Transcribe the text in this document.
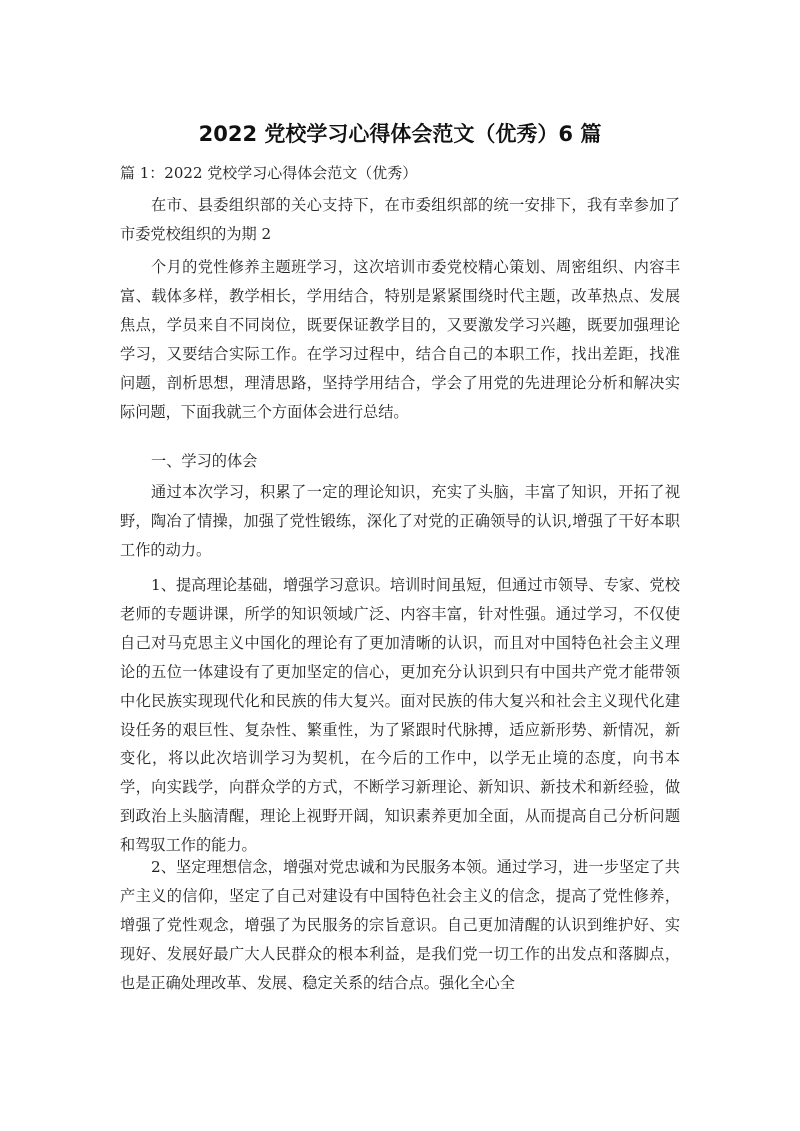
2022 党校学习心得体会范文（优秀）6 篇
篇 1：2022 党校学习心得体会范文（优秀）

在市、县委组织部的关心支持下，在市委组织部的统一安排下，我有幸参加了市委党校组织的为期 2

个月的党性修养主题班学习，这次培训市委党校精心策划、周密组织、内容丰富、载体多样，教学相长，学用结合，特别是紧紧围绕时代主题，改革热点、发展焦点，学员来自不同岗位，既要保证教学目的，又要激发学习兴趣，既要加强理论学习，又要结合实际工作。在学习过程中，结合自己的本职工作，找出差距，找准问题，剖析思想，理清思路，坚持学用结合，学会了用党的先进理论分析和解决实际问题，下面我就三个方面体会进行总结。

一、学习的体会

通过本次学习，积累了一定的理论知识，充实了头脑，丰富了知识，开拓了视野，陶冶了情操，加强了党性锻练，深化了对党的正确领导的认识,增强了干好本职工作的动力。

1、提高理论基础，增强学习意识。培训时间虽短，但通过市领导、专家、党校老师的专题讲课，所学的知识领域广泛、内容丰富，针对性强。通过学习，不仅使自己对马克思主义中国化的理论有了更加清晰的认识，而且对中国特色社会主义理论的五位一体建设有了更加坚定的信心，更加充分认识到只有中国共产党才能带领中化民族实现现代化和民族的伟大复兴。面对民族的伟大复兴和社会主义现代化建设任务的艰巨性、复杂性、繁重性，为了紧跟时代脉搏，适应新形势、新情况，新变化，将以此次培训学习为契机，在今后的工作中，以学无止境的态度，向书本学，向实践学，向群众学的方式，不断学习新理论、新知识、新技术和新经验，做到政治上头脑清醒，理论上视野开阔，知识素养更加全面，从而提高自己分析问题和驾驭工作的能力。

2、坚定理想信念，增强对党忠诚和为民服务本领。通过学习，进一步坚定了共产主义的信仰，坚定了自己对建设有中国特色社会主义的信念，提高了党性修养，增强了党性观念，增强了为民服务的宗旨意识。自己更加清醒的认识到维护好、实现好、发展好最广大人民群众的根本利益，是我们党一切工作的出发点和落脚点，也是正确处理改革、发展、稳定关系的结合点。强化全心全
